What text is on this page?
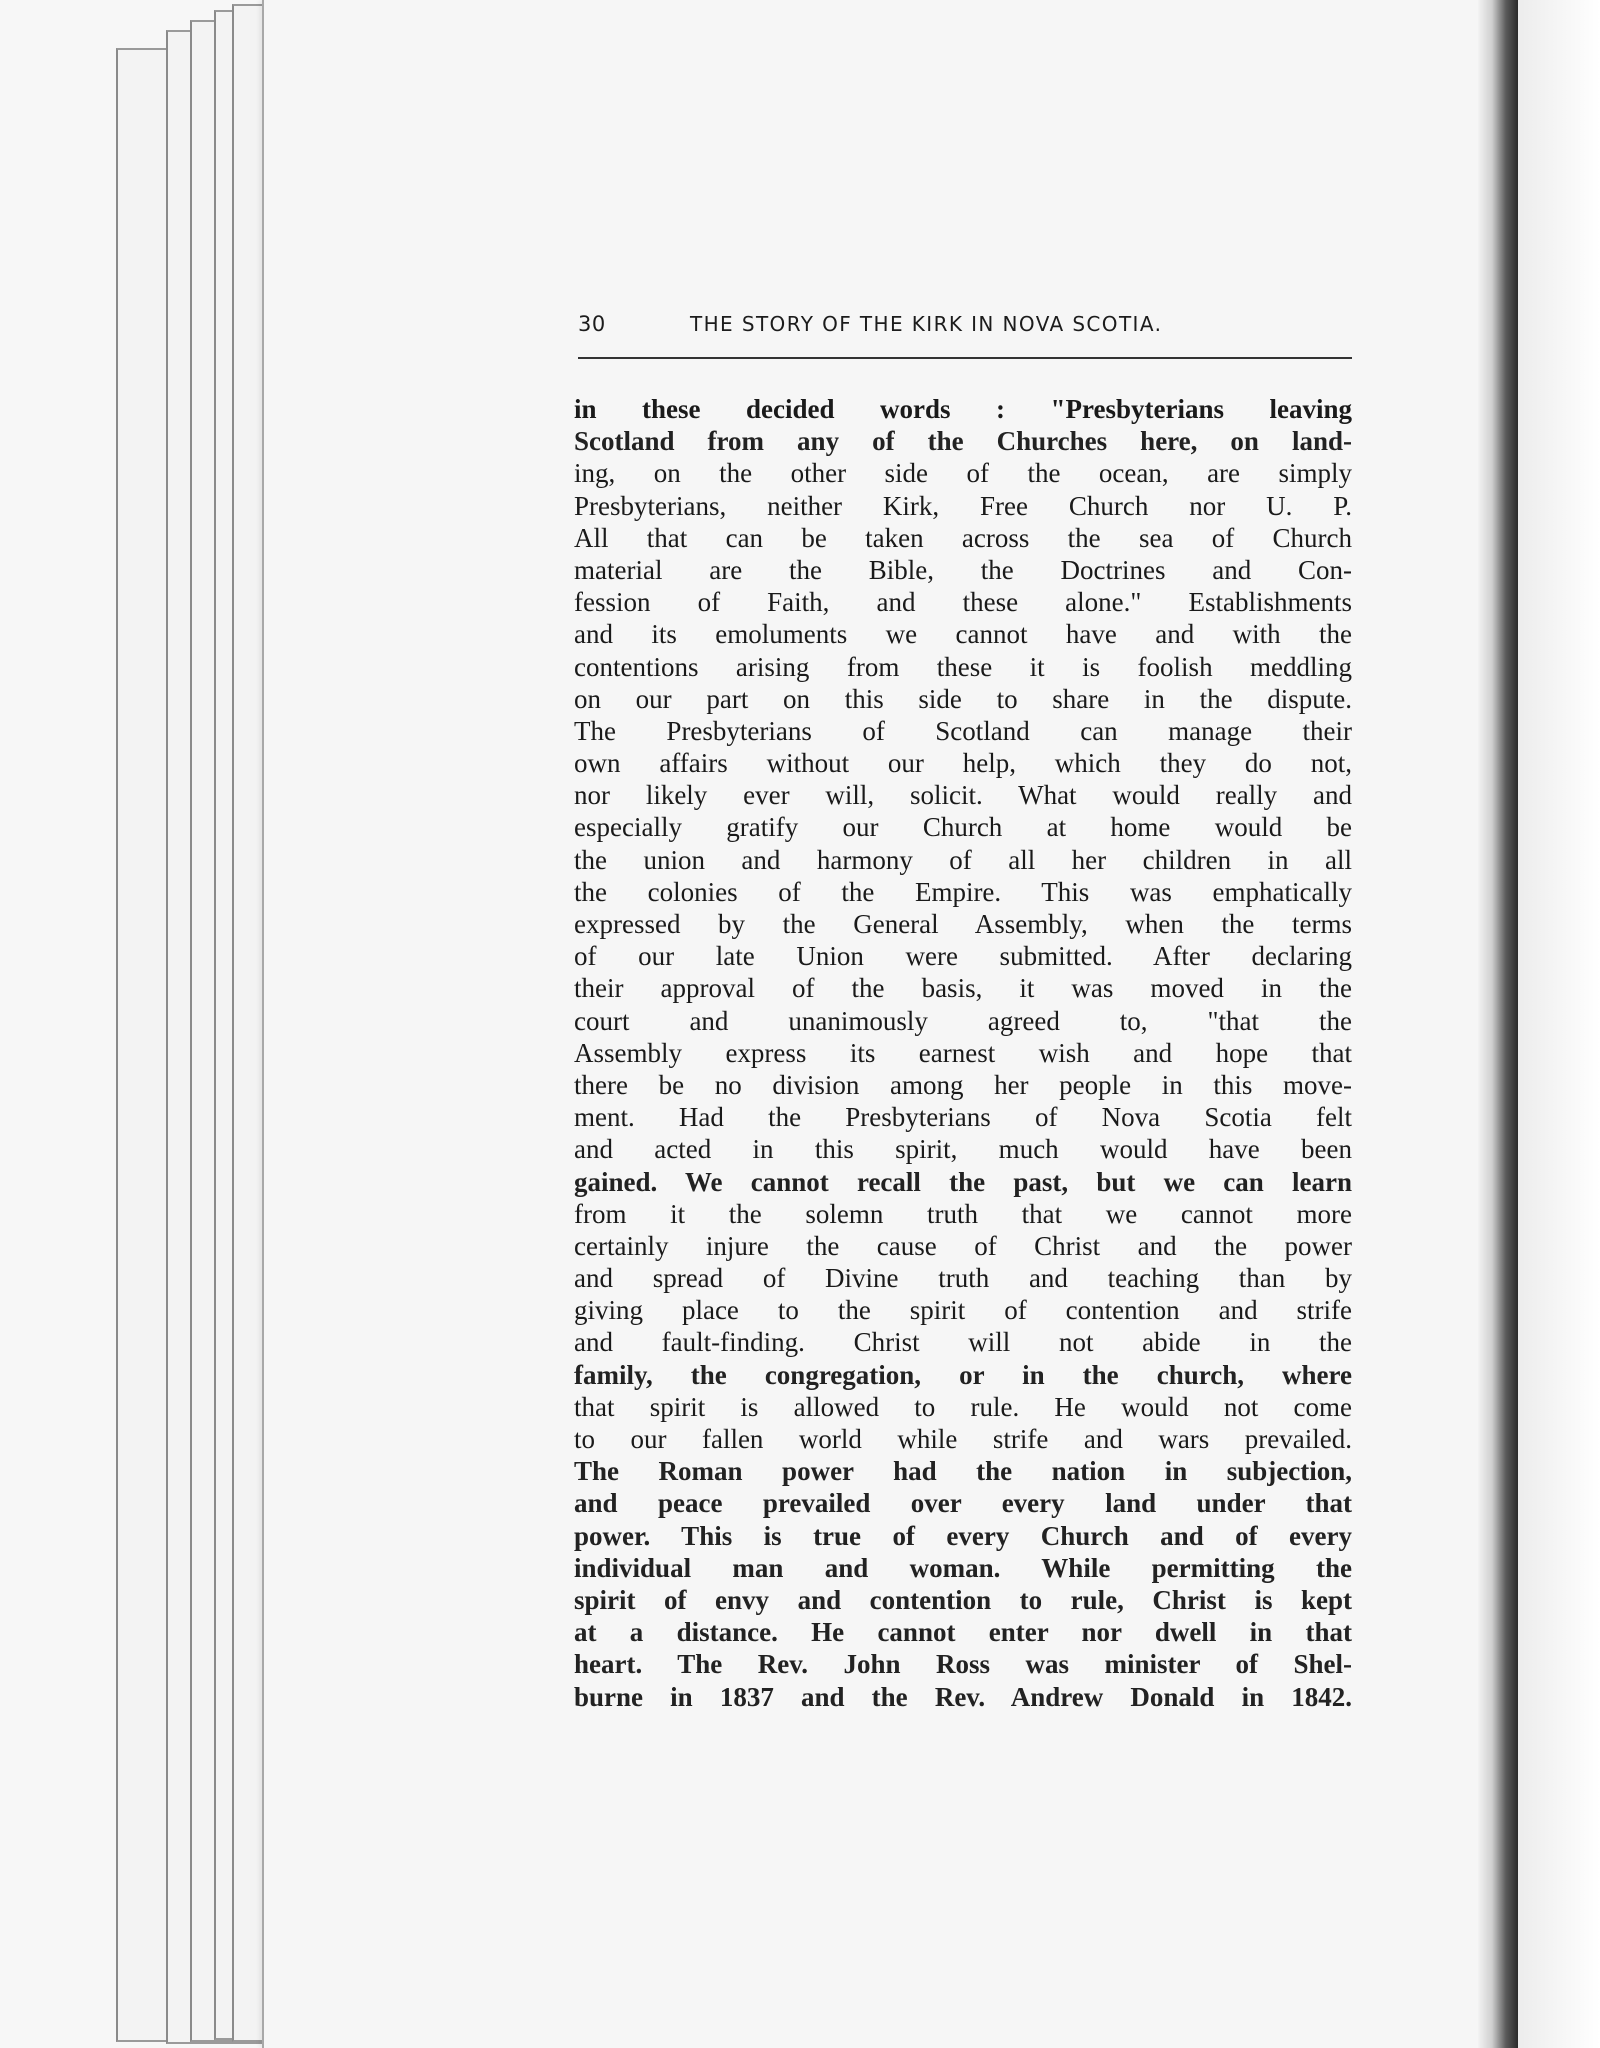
30	THE STORY OF THE KIRK IN NOVA SCOTIA.
in these decided words : "Presbyterians leaving
Scotland from any of the Churches here, on land-
ing, on the other side of the ocean, are simply
Presbyterians, neither Kirk, Free Church nor U. P.
All that can be taken across the sea of Church
material are the Bible, the Doctrines and Con-
fession of Faith, and these alone." Establishments
and its emoluments we cannot have and with the
contentions arising from these it is foolish meddling
on our part on this side to share in the dispute.
The Presbyterians of Scotland can manage their
own affairs without our help, which they do not,
nor likely ever will, solicit. What would really and
especially gratify our Church at home would be
the union and harmony of all her children in all
the colonies of the Empire. This was emphatically
expressed by the General Assembly, when the terms
of our late Union were submitted. After declaring
their approval of the basis, it was moved in the
court and unanimously agreed to, "that the
Assembly express its earnest wish and hope that
there be no division among her people in this move-
ment. Had the Presbyterians of Nova Scotia felt
and acted in this spirit, much would have been
gained. We cannot recall the past, but we can learn
from it the solemn truth that we cannot more
certainly injure the cause of Christ and the power
and spread of Divine truth and teaching than by
giving place to the spirit of contention and strife
and fault-finding. Christ will not abide in the
family, the congregation, or in the church, where
that spirit is allowed to rule. He would not come
to our fallen world while strife and wars prevailed.
The Roman power had the nation in subjection,
and peace prevailed over every land under that
power. This is true of every Church and of every
individual man and woman. While permitting the
spirit of envy and contention to rule, Christ is kept
at a distance. He cannot enter nor dwell in that
heart. The Rev. John Ross was minister of Shel-
burne in 1837 and the Rev. Andrew Donald in 1842.
